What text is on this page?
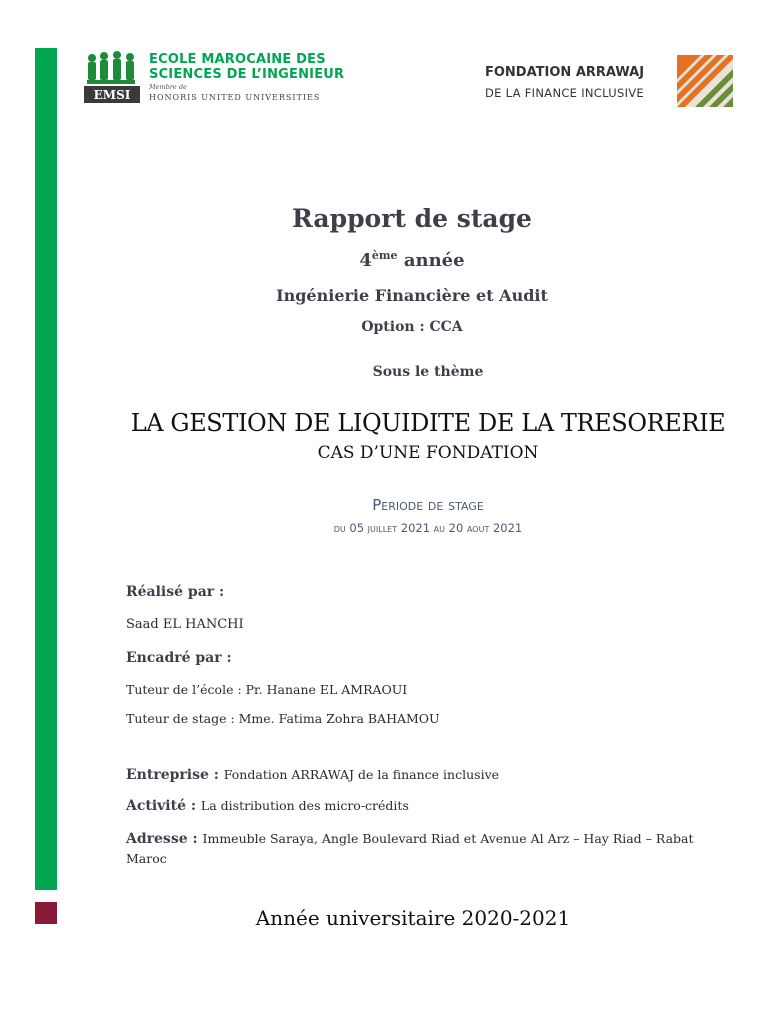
EMSI
ECOLE MAROCAINE DES
SCIENCES DE L’INGENIEUR
Membre de
HONORIS UNITED UNIVERSITIES
FONDATION ARRAWAJ
DE LA FINANCE INCLUSIVE
Rapport de stage
4ème année
Ingénierie Financière et Audit
Option : CCA
Sous le thème
LA GESTION DE LIQUIDITE DE LA TRESORERIE
CAS D’UNE FONDATION
Periode de stage
du 05 juillet 2021 au 20 aout 2021
Réalisé par :
Saad EL HANCHI
Encadré par :
Tuteur de l’école : Pr. Hanane EL AMRAOUI
Tuteur de stage : Mme. Fatima Zohra BAHAMOU
Entreprise : Fondation ARRAWAJ de la finance inclusive
Activité : La distribution des micro-crédits
Adresse : Immeuble Saraya, Angle Boulevard Riad et Avenue Al Arz – Hay Riad – Rabat Maroc
Année universitaire 2020-2021
